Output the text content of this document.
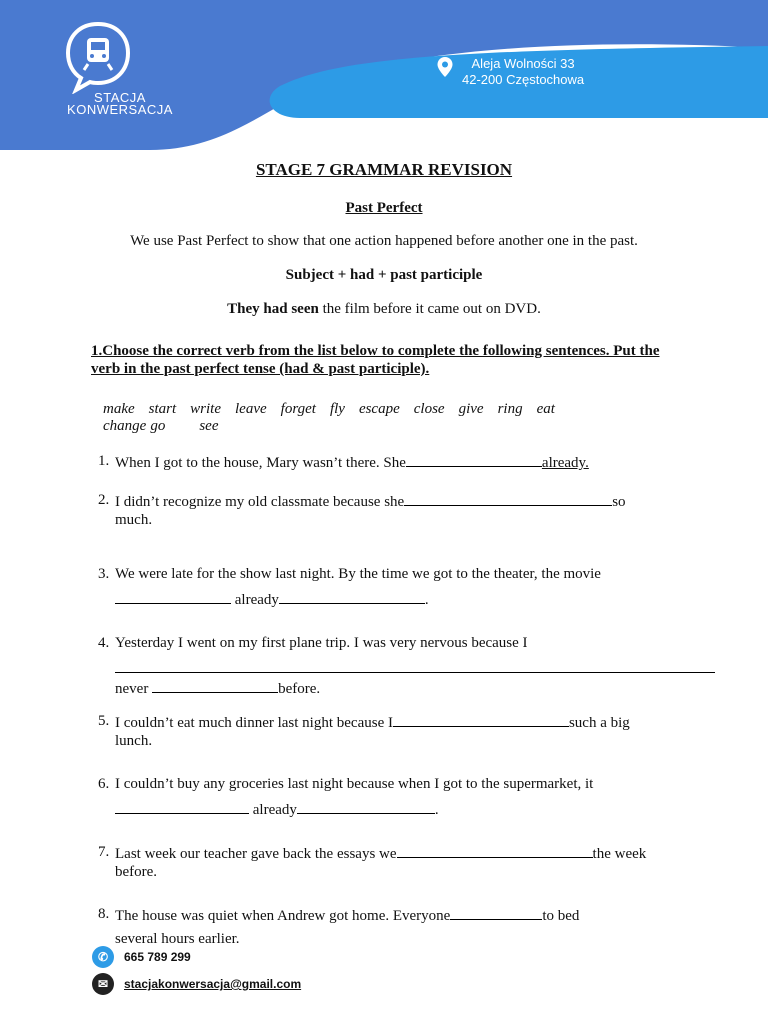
STACJA KONWERSACJA
Aleja Wolności 33
42-200 Częstochowa
STAGE 7 GRAMMAR REVISION
Past Perfect
We use Past Perfect to show that one action happened before another one in the past.
Subject + had + past participle
They had seen the film before it came out on DVD.
1.Choose the correct verb from the list below to complete the following sentences. Put the verb in the past perfect tense (had & past participle).
make start write leave forget fly escape close give ring eat
change go see
1. When I got to the house, Mary wasn’t there. She	already.
2. I didn’t recognize my old classmate because she	so
much.
3. We were late for the show last night. By the time we got to the theater, the movie
already	.
4. Yesterday I went on my first plane trip. I was very nervous because I
never	before.
5. I couldn’t eat much dinner last night because I	such a big
lunch.
6. I couldn’t buy any groceries last night because when I got to the supermarket, it
already	.
7. Last week our teacher gave back the essays we	the week
before.
8. The house was quiet when Andrew got home. Everyone	to bed
several hours earlier.
✆ 665 789 299
✉ stacjakonwersacja@gmail.com
